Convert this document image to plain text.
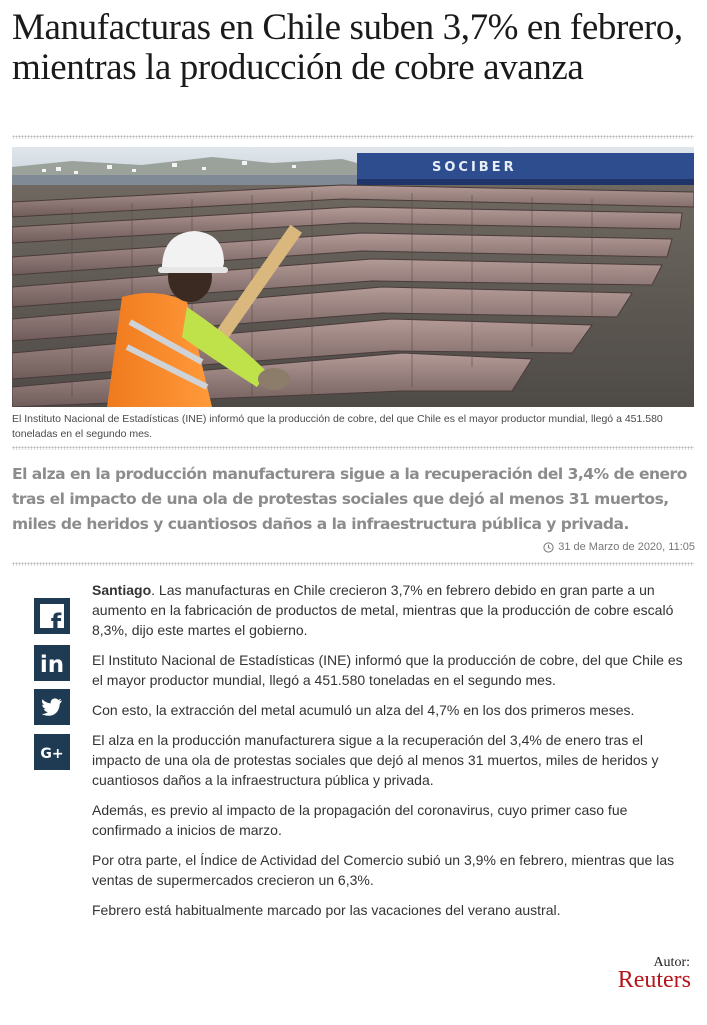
Manufacturas en Chile suben 3,7% en febrero, mientras la producción de cobre avanza
SOCIBER

El Instituto Nacional de Estadísticas (INE) informó que la producción de cobre, del que Chile es el mayor productor mundial, llegó a 451.580 toneladas en el segundo mes.

El alza en la producción manufacturera sigue a la recuperación del 3,4% de enero tras el impacto de una ola de protestas sociales que dejó al menos 31 muertos, miles de heridos y cuantiosos daños a la infraestructura pública y privada.

31 de Marzo de 2020, 11:05
f
in
G+

Santiago. Las manufacturas en Chile crecieron 3,7% en febrero debido en gran parte a un aumento en la fabricación de productos de metal, mientras que la producción de cobre escaló 8,3%, dijo este martes el gobierno.

El Instituto Nacional de Estadísticas (INE) informó que la producción de cobre, del que Chile es el mayor productor mundial, llegó a 451.580 toneladas en el segundo mes.

Con esto, la extracción del metal acumuló un alza del 4,7% en los dos primeros meses.

El alza en la producción manufacturera sigue a la recuperación del 3,4% de enero tras el impacto de una ola de protestas sociales que dejó al menos 31 muertos, miles de heridos y cuantiosos daños a la infraestructura pública y privada.

Además, es previo al impacto de la propagación del coronavirus, cuyo primer caso fue confirmado a inicios de marzo.

Por otra parte, el Índice de Actividad del Comercio subió un 3,9% en febrero, mientras que las ventas de supermercados crecieron un 6,3%.

Febrero está habitualmente marcado por las vacaciones del verano austral.

Autor:
Reuters
